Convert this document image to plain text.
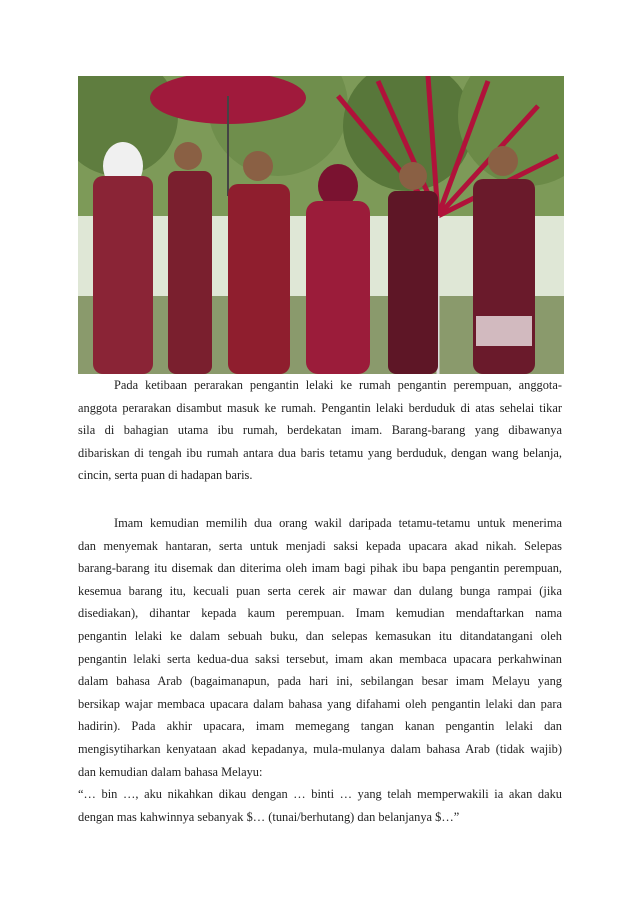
Pada ketibaan perarakan pengantin lelaki ke rumah pengantin perempuan, anggota-
anggota perarakan disambut masuk ke rumah. Pengantin lelaki berduduk di atas sehelai tikar
sila di bahagian utama ibu rumah, berdekatan imam. Barang-barang yang dibawanya
dibariskan di tengah ibu rumah antara dua baris tetamu yang berduduk, dengan wang belanja,
cincin, serta puan di hadapan baris.
Imam kemudian memilih dua orang wakil daripada tetamu-tetamu untuk menerima
dan menyemak hantaran, serta untuk menjadi saksi kepada upacara akad nikah. Selepas
barang-barang itu disemak dan diterima oleh imam bagi pihak ibu bapa pengantin perempuan,
kesemua barang itu, kecuali puan serta cerek air mawar dan dulang bunga rampai (jika
disediakan), dihantar kepada kaum perempuan. Imam kemudian mendaftarkan nama
pengantin lelaki ke dalam sebuah buku, dan selepas kemasukan itu ditandatangani oleh
pengantin lelaki serta kedua-dua saksi tersebut, imam akan membaca upacara perkahwinan
dalam bahasa Arab (bagaimanapun, pada hari ini, sebilangan besar imam Melayu yang
bersikap wajar membaca upacara dalam bahasa yang difahami oleh pengantin lelaki dan para
hadirin). Pada akhir upacara, imam memegang tangan kanan pengantin lelaki dan
mengisytiharkan kenyataan akad kepadanya, mula-mulanya dalam bahasa Arab (tidak wajib)
dan kemudian dalam bahasa Melayu:
“… bin …, aku nikahkan dikau dengan … binti … yang telah memperwakili ia akan daku
dengan mas kahwinnya sebanyak $… (tunai/berhutang) dan belanjanya $…”
